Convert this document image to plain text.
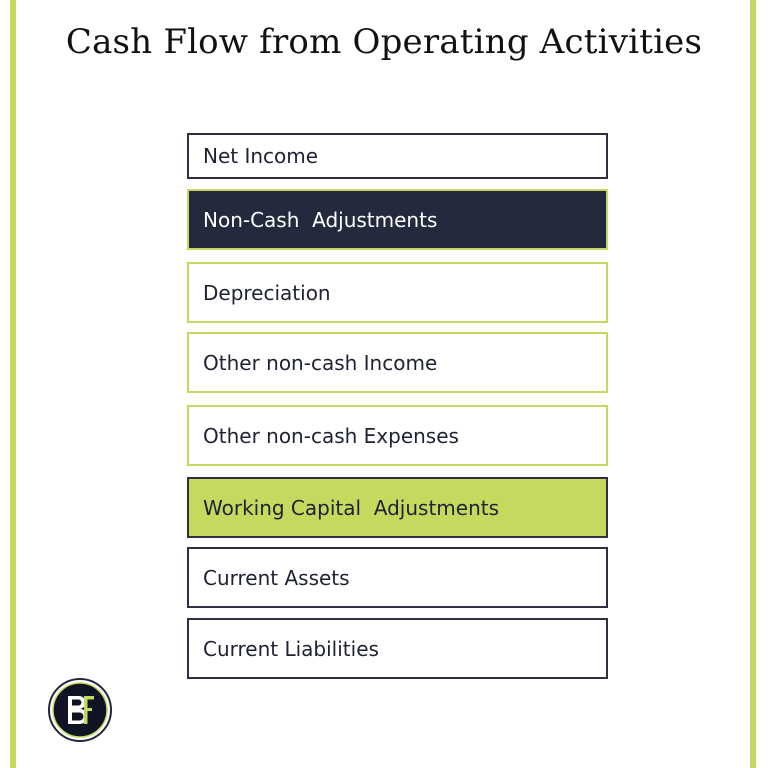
Cash Flow from Operating Activities
Net Income
Non-Cash  Adjustments
Depreciation
Other non-cash Income
Other non-cash Expenses
Working Capital  Adjustments
Current Assets
Current Liabilities
